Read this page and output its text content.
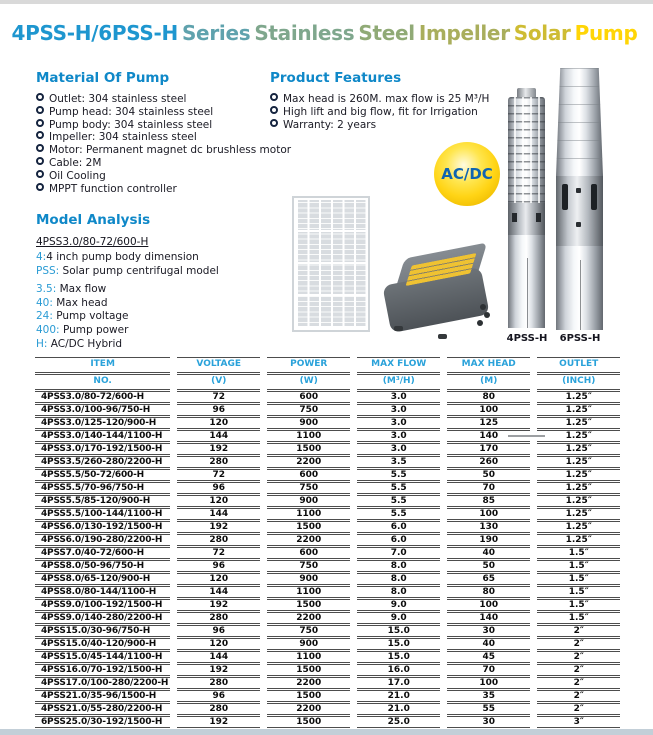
4PSS-H/6PSS-H Series Stainless Steel Impeller Solar Pump
Material Of Pump
Outlet: 304 stainless steel
Pump head: 304 stainless steel
Pump body: 304 stainless steel
Impeller: 304 stainless steel
Motor: Permanent magnet dc brushless motor
Cable: 2M
Oil Cooling
MPPT function controller
Product Features
Max head is 260M. max flow is 25 M³/H
High lift and big flow, fit for Irrigation
Warranty: 2 years
Model Analysis
4PSS3.0/80-72/600-H
4:4 inch pump body dimension
PSS: Solar pump centrifugal model
3.5: Max flow
40: Max head
24: Pump voltage
400: Pump power
H: AC/DC Hybrid
AC/DC
4PSS-H	6PSS-H
ITEM	VOLTAGE	POWER	MAX FLOW	MAX HEAD	OUTLET
NO.	(V)	(W)	(M³/H)	(M)	(INCH)
4PSS3.0/80-72/600-H	72	600	3.0	80	1.25″
4PSS3.0/100-96/750-H	96	750	3.0	100	1.25″
4PSS3.0/125-120/900-H	120	900	3.0	125	1.25″
4PSS3.0/140-144/1100-H	144	1100	3.0	140	1.25″
4PSS3.0/170-192/1500-H	192	1500	3.0	170	1.25″
4PSS3.5/260-280/2200-H	280	2200	3.5	260	1.25″
4PSS5.5/50-72/600-H	72	600	5.5	50	1.25″
4PSS5.5/70-96/750-H	96	750	5.5	70	1.25″
4PSS5.5/85-120/900-H	120	900	5.5	85	1.25″
4PSS5.5/100-144/1100-H	144	1100	5.5	100	1.25″
4PSS6.0/130-192/1500-H	192	1500	6.0	130	1.25″
4PSS6.0/190-280/2200-H	280	2200	6.0	190	1.25″
4PSS7.0/40-72/600-H	72	600	7.0	40	1.5″
4PSS8.0/50-96/750-H	96	750	8.0	50	1.5″
4PSS8.0/65-120/900-H	120	900	8.0	65	1.5″
4PSS8.0/80-144/1100-H	144	1100	8.0	80	1.5″
4PSS9.0/100-192/1500-H	192	1500	9.0	100	1.5″
4PSS9.0/140-280/2200-H	280	2200	9.0	140	1.5″
4PSS15.0/30-96/750-H	96	750	15.0	30	2″
4PSS15.0/40-120/900-H	120	900	15.0	40	2″
4PSS15.0/45-144/1100-H	144	1100	15.0	45	2″
4PSS16.0/70-192/1500-H	192	1500	16.0	70	2″
4PSS17.0/100-280/2200-H	280	2200	17.0	100	2″
4PSS21.0/35-96/1500-H	96	1500	21.0	35	2″
4PSS21.0/55-280/2200-H	280	2200	21.0	55	2″
6PSS25.0/30-192/1500-H	192	1500	25.0	30	3″
